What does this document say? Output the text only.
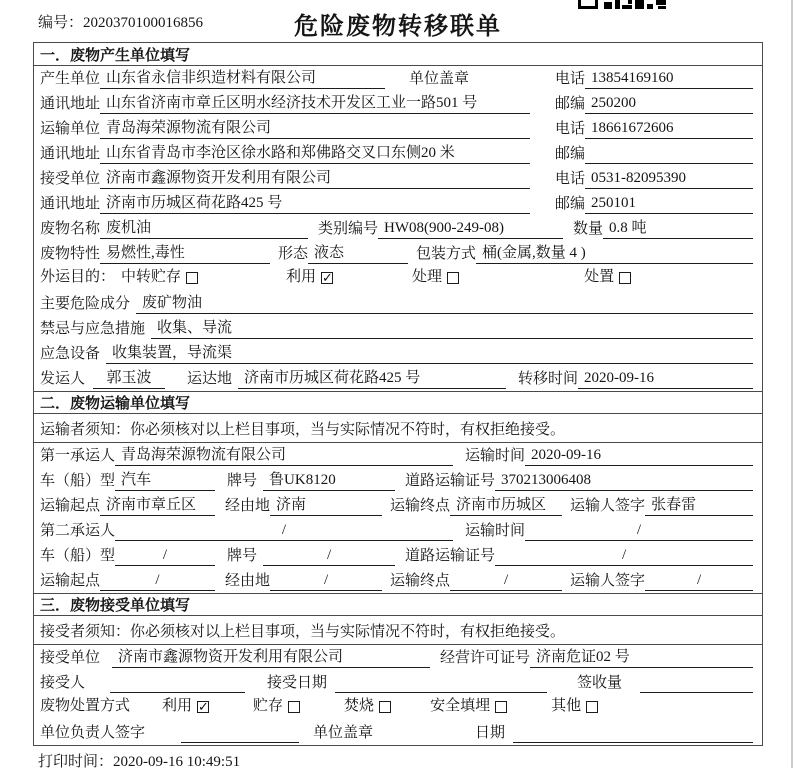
编号：2020370100016856	危险废物转移联单
一．废物产生单位填写
产生单位 山东省永信非织造材料有限公司	单位盖章	电话 13854169160
通讯地址 山东省济南市章丘区明水经济技术开发区工业一路501 号	邮编 250200
运输单位 青岛海荣源物流有限公司	电话 18661672606
通讯地址 山东省青岛市李沧区徐水路和郑佛路交叉口东侧20 米	邮编
接受单位 济南市鑫源物资开发利用有限公司	电话 0531-82095390
通讯地址 济南市历城区荷花路425 号	邮编 250101
废物名称 废机油	类别编号 HW08(900-249-08)	数量 0.8 吨
废物特性 易燃性,毒性	形态 液态	包装方式 桶(金属,数量 4 )
外运目的： 中转贮存	利用 ✓	处理	处置
主要危险成分 废矿物油
禁忌与应急措施 收集、导流
应急设备 收集装置，导流渠
发运人	郭玉波	运达地 济南市历城区荷花路425 号	转移时间 2020-09-16
二．废物运输单位填写
运输者须知： 你必须核对以上栏目事项，当与实际情况不符时，有权拒绝接受。
第一承运人 青岛海荣源物流有限公司	运输时间 2020-09-16
车（船）型 汽车	牌号 鲁UK8120	道路运输证号 370213006408
运输起点 济南市章丘区	经由地 济南	运输终点 济南市历城区	运输人签字 张春雷
第二承运人	/	运输时间	/
车（船）型	/	牌号	/	道路运输证号	/
运输起点	/	经由地	/	运输终点	/	运输人签字	/
三．废物接受单位填写
接受者须知： 你必须核对以上栏目事项，当与实际情况不符时，有权拒绝接受。
接受单位	济南市鑫源物资开发利用有限公司	经营许可证号 济南危证02 号
接受人	接受日期	签收量
废物处置方式 利用 ✓	贮存	焚烧	安全填埋	其他
单位负责人签字	单位盖章	日期
打印时间：2020-09-16 10:49:51
